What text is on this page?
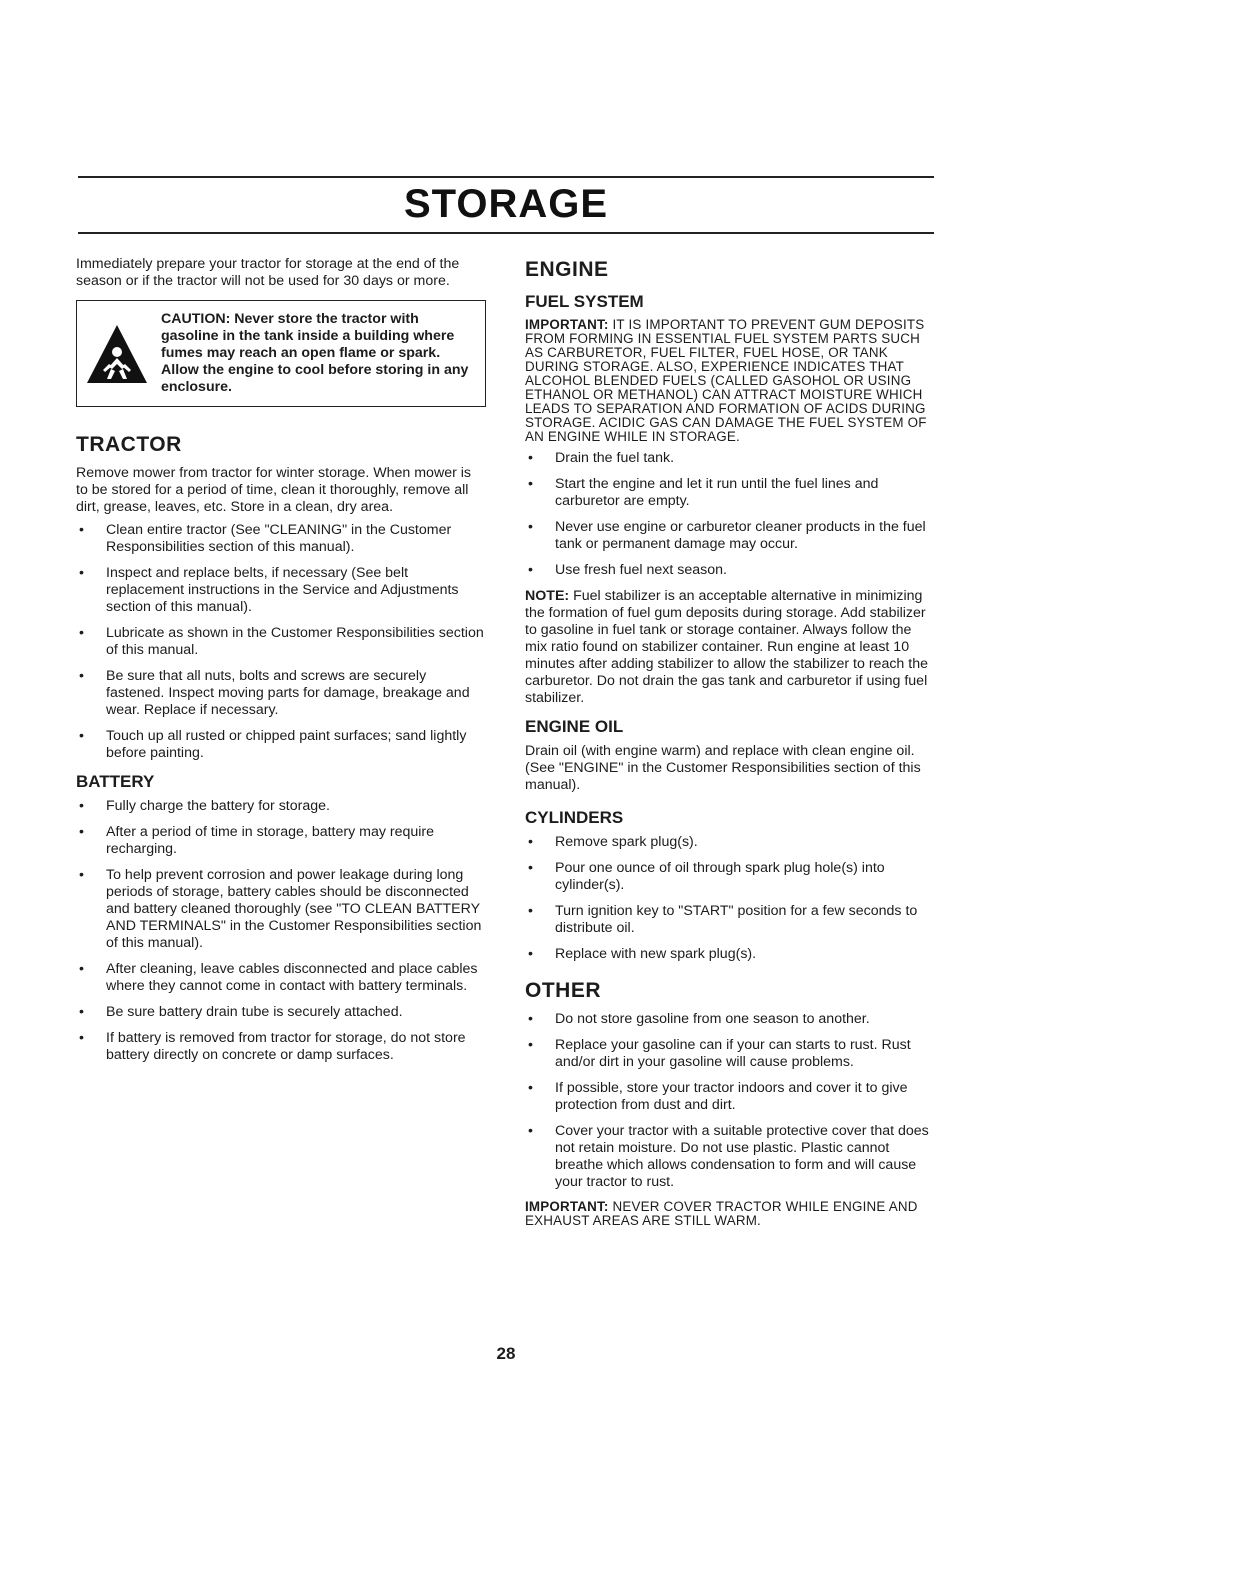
STORAGE

Immediately prepare your tractor for storage at the end of the season or if the tractor will not be used for 30 days or more.

CAUTION: Never store the tractor with gasoline in the tank inside a building where fumes may reach an open flame or spark. Allow the engine to cool before storing in any enclosure.
TRACTOR

Remove mower from tractor for winter storage. When mower is to be stored for a period of time, clean it thoroughly, remove all dirt, grease, leaves, etc. Store in a clean, dry area.

• Clean entire tractor (See "CLEANING" in the Customer Responsibilities section of this manual).
• Inspect and replace belts, if necessary (See belt replacement instructions in the Service and Adjustments section of this manual).
• Lubricate as shown in the Customer Responsibilities section of this manual.
• Be sure that all nuts, bolts and screws are securely fastened. Inspect moving parts for damage, breakage and wear. Replace if necessary.
• Touch up all rusted or chipped paint surfaces; sand lightly before painting.
BATTERY
• Fully charge the battery for storage.
• After a period of time in storage, battery may require recharging.
• To help prevent corrosion and power leakage during long periods of storage, battery cables should be disconnected and battery cleaned thoroughly (see "TO CLEAN BATTERY AND TERMINALS" in the Customer Responsibilities section of this manual).
• After cleaning, leave cables disconnected and place cables where they cannot come in contact with battery terminals.
• Be sure battery drain tube is securely attached.
• If battery is removed from tractor for storage, do not store battery directly on concrete or damp surfaces.
ENGINE
FUEL SYSTEM

IMPORTANT: IT IS IMPORTANT TO PREVENT GUM DEPOSITS FROM FORMING IN ESSENTIAL FUEL SYSTEM PARTS SUCH AS CARBURETOR, FUEL FILTER, FUEL HOSE, OR TANK DURING STORAGE. ALSO, EXPERIENCE INDICATES THAT ALCOHOL BLENDED FUELS (CALLED GASOHOL OR USING ETHANOL OR METHANOL) CAN ATTRACT MOISTURE WHICH LEADS TO SEPARATION AND FORMATION OF ACIDS DURING STORAGE. ACIDIC GAS CAN DAMAGE THE FUEL SYSTEM OF AN ENGINE WHILE IN STORAGE.

• Drain the fuel tank.
• Start the engine and let it run until the fuel lines and carburetor are empty.
• Never use engine or carburetor cleaner products in the fuel tank or permanent damage may occur.
• Use fresh fuel next season.

NOTE: Fuel stabilizer is an acceptable alternative in minimizing the formation of fuel gum deposits during storage. Add stabilizer to gasoline in fuel tank or storage container. Always follow the mix ratio found on stabilizer container. Run engine at least 10 minutes after adding stabilizer to allow the stabilizer to reach the carburetor. Do not drain the gas tank and carburetor if using fuel stabilizer.

ENGINE OIL

Drain oil (with engine warm) and replace with clean engine oil. (See "ENGINE" in the Customer Responsibilities section of this manual).

CYLINDERS
• Remove spark plug(s).
• Pour one ounce of oil through spark plug hole(s) into cylinder(s).
• Turn ignition key to "START" position for a few seconds to distribute oil.
• Replace with new spark plug(s).
OTHER
• Do not store gasoline from one season to another.
• Replace your gasoline can if your can starts to rust. Rust and/or dirt in your gasoline will cause problems.
• If possible, store your tractor indoors and cover it to give protection from dust and dirt.
• Cover your tractor with a suitable protective cover that does not retain moisture. Do not use plastic. Plastic cannot breathe which allows condensation to form and will cause your tractor to rust.

IMPORTANT: NEVER COVER TRACTOR WHILE ENGINE AND EXHAUST AREAS ARE STILL WARM.

28
